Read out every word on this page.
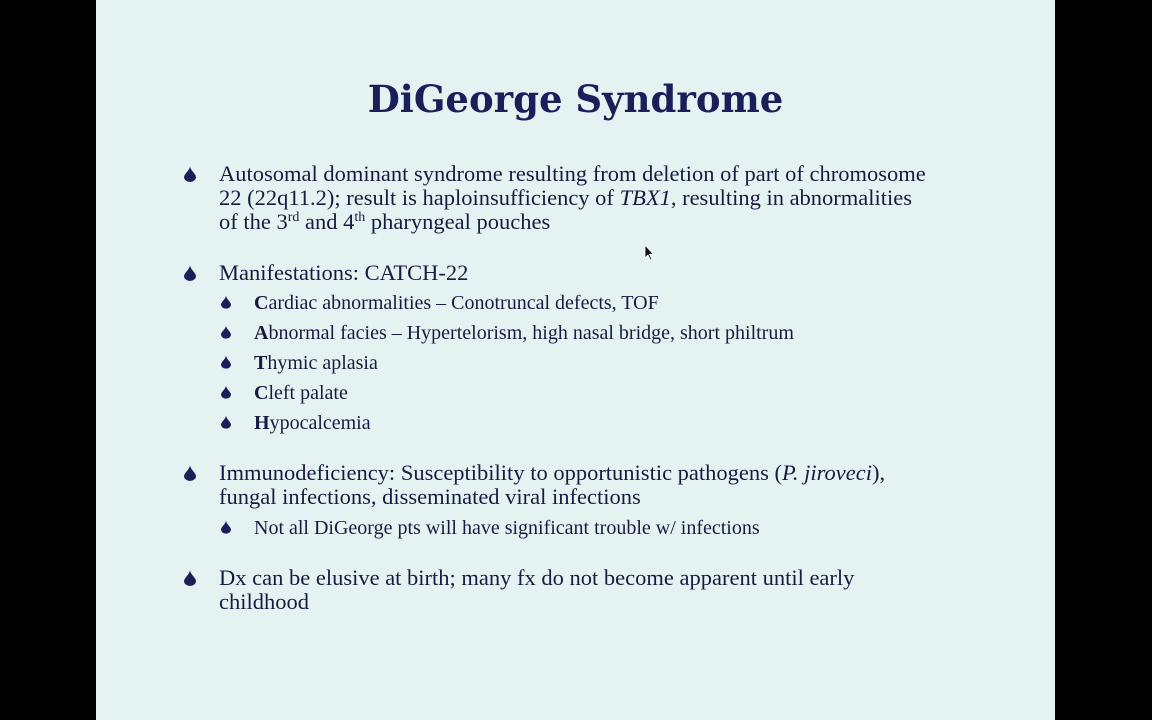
DiGeorge Syndrome
Autosomal dominant syndrome resulting from deletion of part of chromosome 22 (22q11.2); result is haploinsufficiency of TBX1, resulting in abnormalities of the 3rd and 4th pharyngeal pouches
Manifestations: CATCH-22
Cardiac abnormalities – Conotruncal defects, TOF
Abnormal facies – Hypertelorism, high nasal bridge, short philtrum
Thymic aplasia
Cleft palate
Hypocalcemia
Immunodeficiency: Susceptibility to opportunistic pathogens (P. jiroveci), fungal infections, disseminated viral infections
Not all DiGeorge pts will have significant trouble w/ infections
Dx can be elusive at birth; many fx do not become apparent until early childhood
